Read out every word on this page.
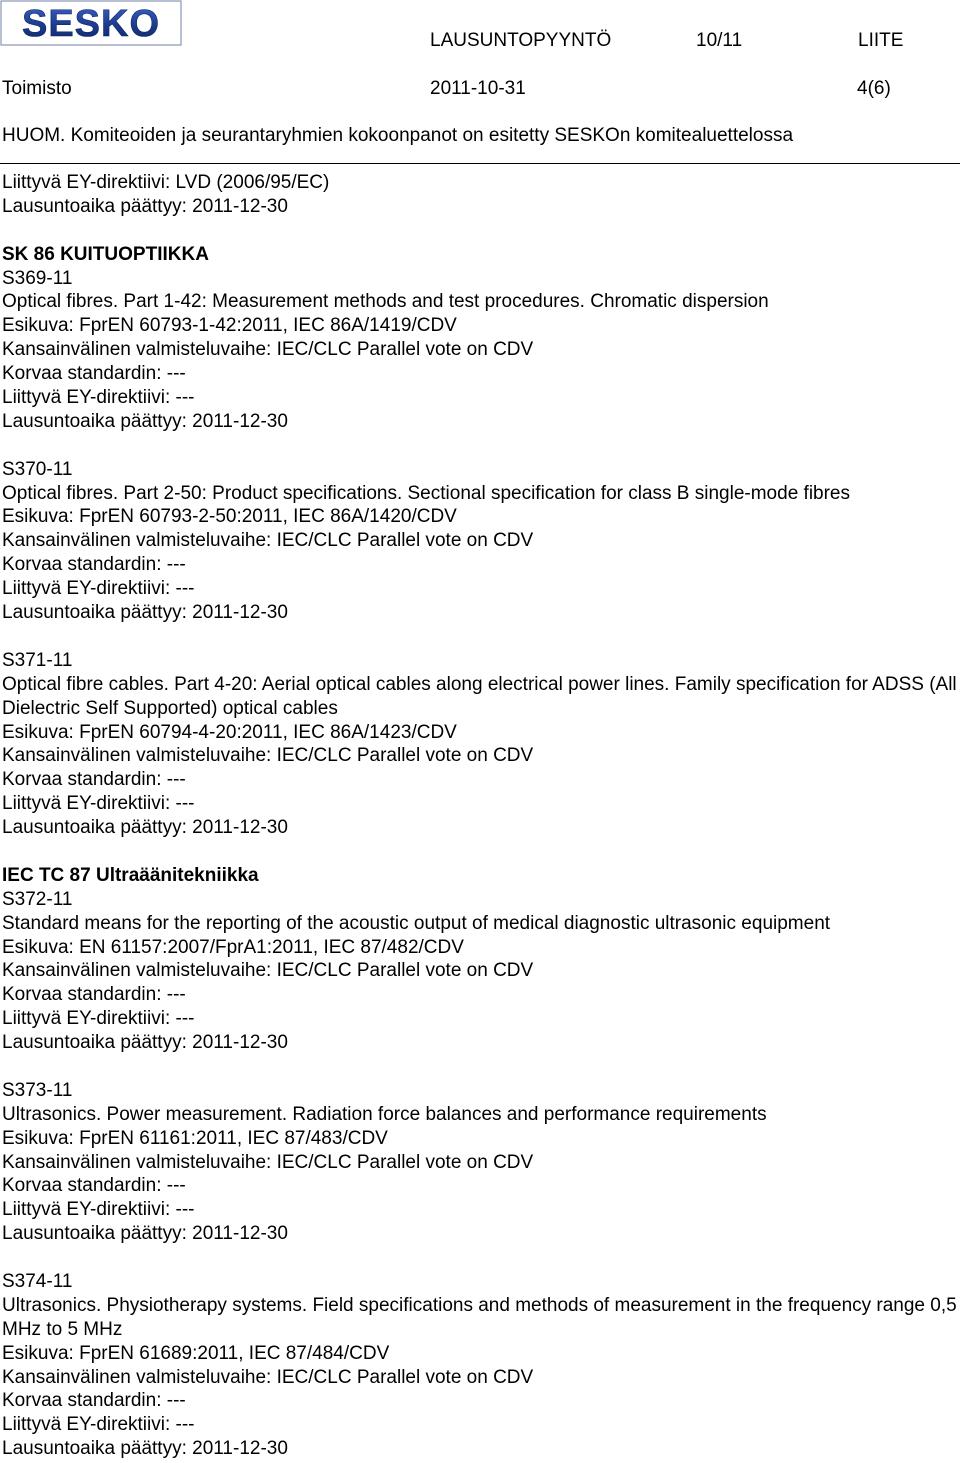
SESKO	LAUSUNTOPYYNTÖ	10/11	LIITE
Toimisto	2011-10-31	4(6)
HUOM. Komiteoiden ja seurantaryhmien kokoonpanot on esitetty SESKOn komitealuettelossa
Liittyvä EY-direktiivi: LVD (2006/95/EC)
Lausuntoaika päättyy: 2011-12-30
SK 86 KUITUOPTIIKKA
S369-11
Optical fibres. Part 1-42: Measurement methods and test procedures. Chromatic dispersion
Esikuva: FprEN 60793-1-42:2011, IEC 86A/1419/CDV
Kansainvälinen valmisteluvaihe: IEC/CLC Parallel vote on CDV
Korvaa standardin: ---
Liittyvä EY-direktiivi: ---
Lausuntoaika päättyy: 2011-12-30
S370-11
Optical fibres. Part 2-50: Product specifications. Sectional specification for class B single-mode fibres
Esikuva: FprEN 60793-2-50:2011, IEC 86A/1420/CDV
Kansainvälinen valmisteluvaihe: IEC/CLC Parallel vote on CDV
Korvaa standardin: ---
Liittyvä EY-direktiivi: ---
Lausuntoaika päättyy: 2011-12-30
S371-11
Optical fibre cables. Part 4-20: Aerial optical cables along electrical power lines. Family specification for ADSS (All Dielectric Self Supported) optical cables
Esikuva: FprEN 60794-4-20:2011, IEC 86A/1423/CDV
Kansainvälinen valmisteluvaihe: IEC/CLC Parallel vote on CDV
Korvaa standardin: ---
Liittyvä EY-direktiivi: ---
Lausuntoaika päättyy: 2011-12-30
IEC TC 87 Ultraäänitekniikka
S372-11
Standard means for the reporting of the acoustic output of medical diagnostic ultrasonic equipment
Esikuva: EN 61157:2007/FprA1:2011, IEC 87/482/CDV
Kansainvälinen valmisteluvaihe: IEC/CLC Parallel vote on CDV
Korvaa standardin: ---
Liittyvä EY-direktiivi: ---
Lausuntoaika päättyy: 2011-12-30
S373-11
Ultrasonics. Power measurement. Radiation force balances and performance requirements
Esikuva: FprEN 61161:2011, IEC 87/483/CDV
Kansainvälinen valmisteluvaihe: IEC/CLC Parallel vote on CDV
Korvaa standardin: ---
Liittyvä EY-direktiivi: ---
Lausuntoaika päättyy: 2011-12-30
S374-11
Ultrasonics. Physiotherapy systems. Field specifications and methods of measurement in the frequency range 0,5 MHz to 5 MHz
Esikuva: FprEN 61689:2011, IEC 87/484/CDV
Kansainvälinen valmisteluvaihe: IEC/CLC Parallel vote on CDV
Korvaa standardin: ---
Liittyvä EY-direktiivi: ---
Lausuntoaika päättyy: 2011-12-30
